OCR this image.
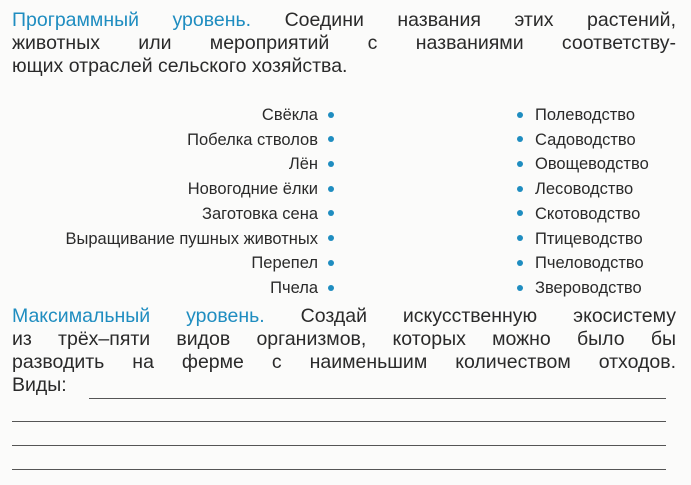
Программный уровень. Соедини названия этих растений,
животных или мероприятий с названиями соответству-
ющих отраслей сельского хозяйства.
Свёкла
Побелка стволов
Лён
Новогодние ёлки
Заготовка сена
Выращивание пушных животных
Перепел
Пчела
Полеводство
Садоводство
Овощеводство
Лесоводство
Скотоводство
Птицеводство
Пчеловодство
Звероводство
Максимальный уровень. Создай искусственную экосистему
из трёх–пяти видов организмов, которых можно было бы
разводить на ферме с наименьшим количеством отходов.
Виды:
